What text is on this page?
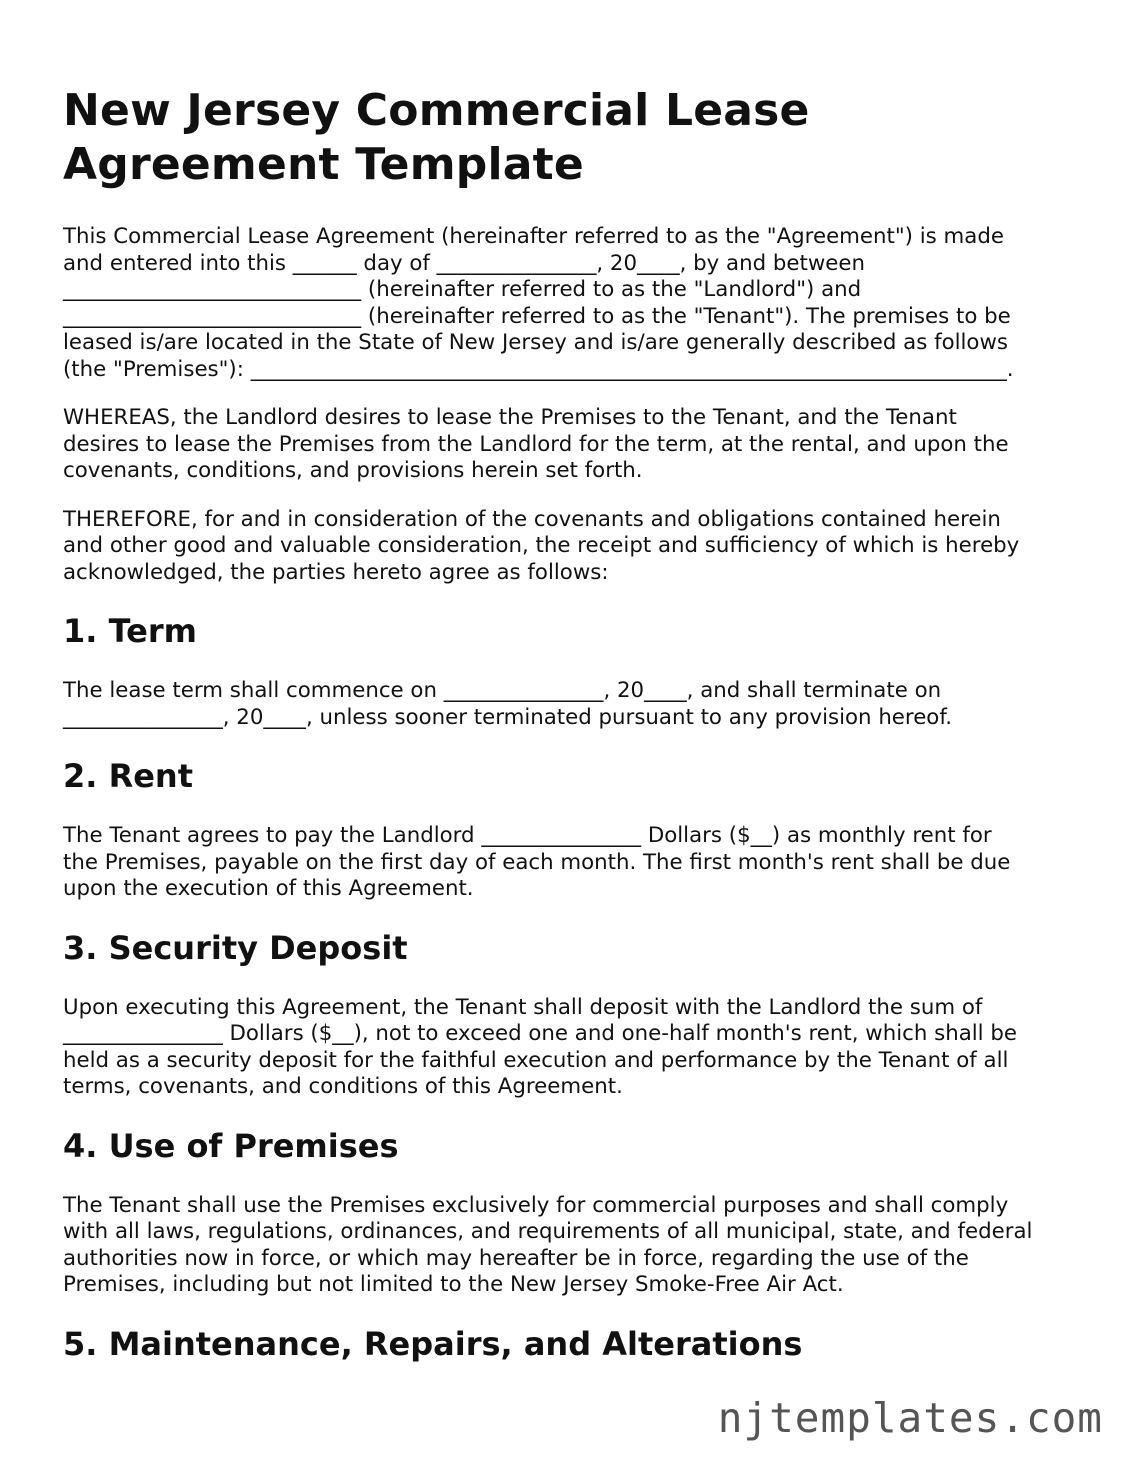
New Jersey Commercial Lease Agreement Template

This Commercial Lease Agreement (hereinafter referred to as the "Agreement") is made
and entered into this ______ day of _______________, 20____, by and between
____________________________ (hereinafter referred to as the "Landlord") and
____________________________ (hereinafter referred to as the "Tenant"). The premises to be
leased is/are located in the State of New Jersey and is/are generally described as follows
(the "Premises"): _______________________________________________________________________.

WHEREAS, the Landlord desires to lease the Premises to the Tenant, and the Tenant
desires to lease the Premises from the Landlord for the term, at the rental, and upon the
covenants, conditions, and provisions herein set forth.

THEREFORE, for and in consideration of the covenants and obligations contained herein
and other good and valuable consideration, the receipt and sufficiency of which is hereby
acknowledged, the parties hereto agree as follows:

1. Term

The lease term shall commence on _______________, 20____, and shall terminate on
_______________, 20____, unless sooner terminated pursuant to any provision hereof.

2. Rent

The Tenant agrees to pay the Landlord _______________ Dollars ($__) as monthly rent for
the Premises, payable on the first day of each month. The first month's rent shall be due
upon the execution of this Agreement.

3. Security Deposit

Upon executing this Agreement, the Tenant shall deposit with the Landlord the sum of
_______________ Dollars ($__), not to exceed one and one-half month's rent, which shall be
held as a security deposit for the faithful execution and performance by the Tenant of all
terms, covenants, and conditions of this Agreement.

4. Use of Premises

The Tenant shall use the Premises exclusively for commercial purposes and shall comply
with all laws, regulations, ordinances, and requirements of all municipal, state, and federal
authorities now in force, or which may hereafter be in force, regarding the use of the
Premises, including but not limited to the New Jersey Smoke-Free Air Act.

5. Maintenance, Repairs, and Alterations
njtemplates.com
